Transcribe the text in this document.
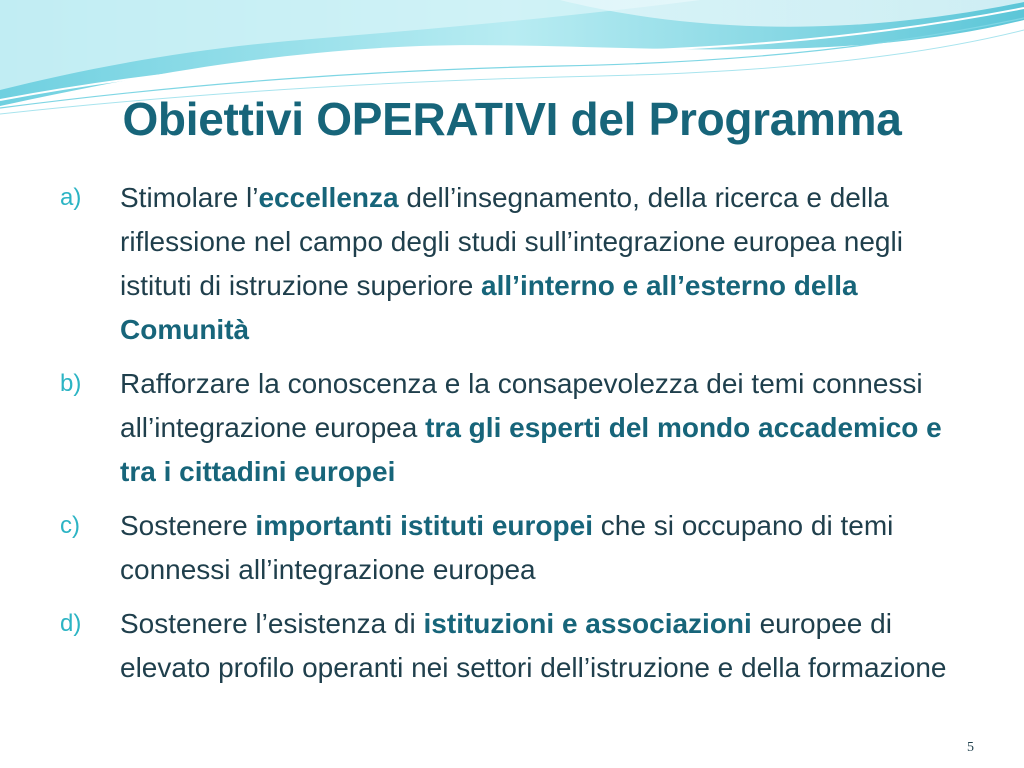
Obiettivi OPERATIVI del Programma
a)	Stimolare l’eccellenza dell’insegnamento, della ricerca e della riflessione nel campo degli studi sull’integrazione europea negli istituti di istruzione superiore all’interno e all’esterno della Comunità
b)	Rafforzare la conoscenza e la consapevolezza dei temi connessi all’integrazione europea tra gli esperti del mondo accademico e tra i cittadini europei
c)	Sostenere importanti istituti europei che si occupano di temi connessi all’integrazione europea
d)	Sostenere l’esistenza di istituzioni e associazioni europee di elevato profilo operanti nei settori dell’istruzione e della formazione
5
